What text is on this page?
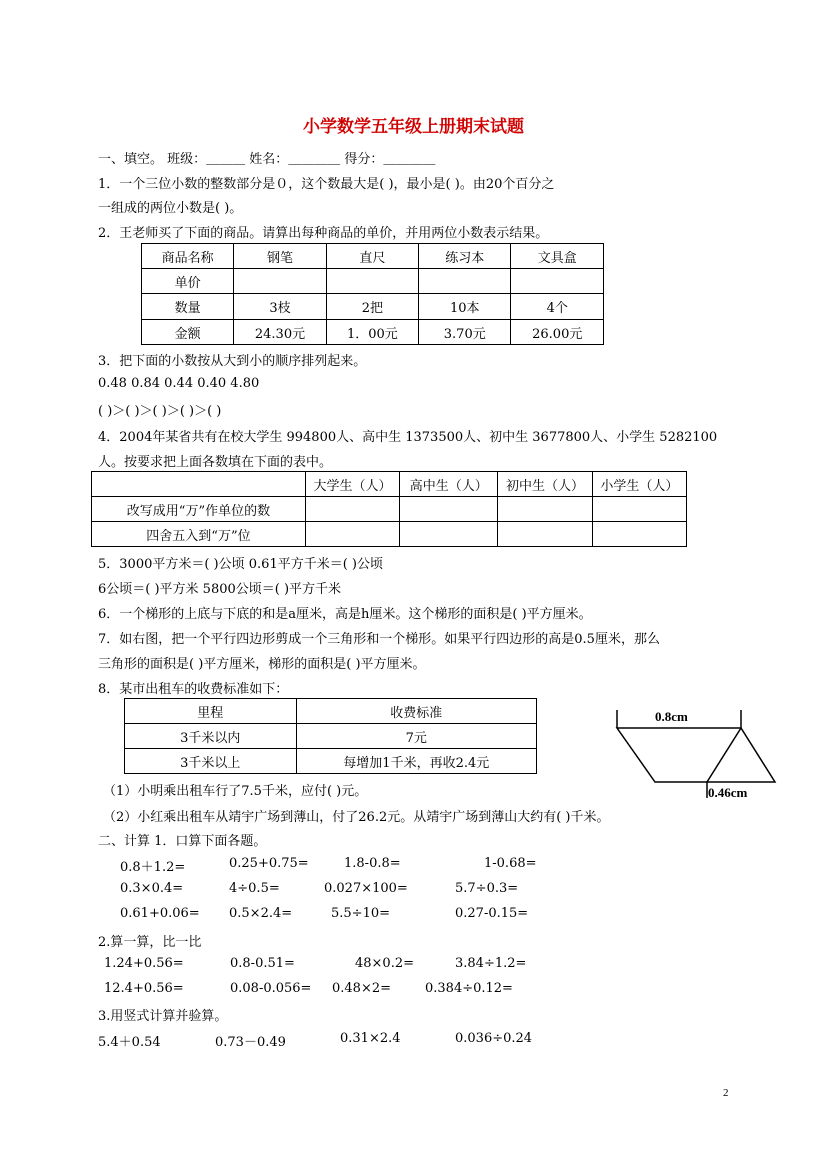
小学数学五年级上册期末试题
一、填空。 班级：＿＿＿ 姓名：＿＿＿＿ 得分：＿＿＿＿
1．一个三位小数的整数部分是０，这个数最大是( )，最小是( )。由20个百分之
一组成的两位小数是( )。
2．王老师买了下面的商品。请算出每种商品的单价，并用两位小数表示结果。
商品名称	钢笔	直尺	练习本	文具盒
单价				
数量	3枝	2把	10本	4个
金额	24.30元	1．00元	3.70元	26.00元
3．把下面的小数按从大到小的顺序排列起来。
0.48 0.84 0.44 0.40 4.80
( )＞( )＞( )＞( )＞( )
4．2004年某省共有在校大学生 994800人、高中生 1373500人、初中生 3677800人、小学生 5282100
人。按要求把上面各数填在下面的表中。
	大学生（人）	高中生（人）	初中生（人）	小学生（人）
改写成用“万”作单位的数				
四舍五入到“万”位				
5．3000平方米＝( )公顷 0.61平方千米＝( )公顷
6公顷＝( )平方米 5800公顷＝( )平方千米
6．一个梯形的上底与下底的和是a厘米，高是h厘米。这个梯形的面积是( )平方厘米。
7．如右图，把一个平行四边形剪成一个三角形和一个梯形。如果平行四边形的高是0.5厘米，那么
三角形的面积是( )平方厘米，梯形的面积是( )平方厘米。
8．某市出租车的收费标准如下：
里程	收费标准
3千米以内	7元
3千米以上	每增加1千米，再收2.4元
0.8cm
0.46cm
（1）小明乘出租车行了7.5千米，应付( )元。
（2）小红乘出租车从靖宇广场到薄山，付了26.2元。从靖宇广场到薄山大约有( )千米。
二、计算 1．口算下面各题。
0.8＋1.2=	0.25+0.75=	1.8-0.8=	1-0.68=
0.3×0.4=	4÷0.5=	0.027×100=	5.7÷0.3=
0.61+0.06= 0.5×2.4=	5.5÷10=	0.27-0.15=
2.算一算，比一比
1.24+0.56=	0.8-0.51=	48×0.2=	3.84÷1.2=
12.4+0.56=	0.08-0.056= 0.48×2=	0.384÷0.12=
3.用竖式计算并验算。
5.4＋0.54	0.73－0.49	0.31×2.4	0.036÷0.24
2
